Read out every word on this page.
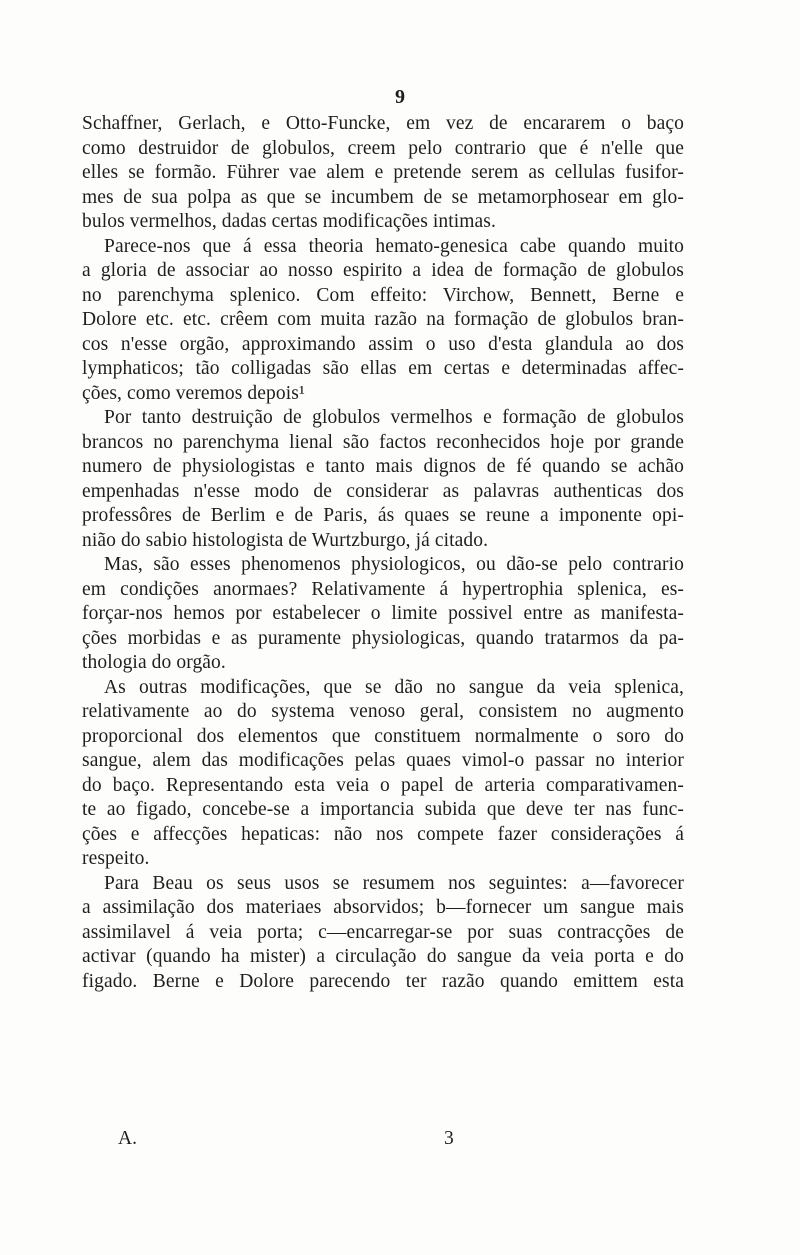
9
Schaffner, Gerlach, e Otto-Funcke, em vez de encararem o baço
como destruidor de globulos, creem pelo contrario que é n'elle que
elles se formão. Führer vae alem e pretende serem as cellulas fusifor-
mes de sua polpa as que se incumbem de se metamorphosear em glo-
bulos vermelhos, dadas certas modificações intimas.
Parece-nos que á essa theoria hemato-genesica cabe quando muito
a gloria de associar ao nosso espirito a idea de formação de globulos
no parenchyma splenico. Com effeito: Virchow, Bennett, Berne e
Dolore etc. etc. crêem com muita razão na formação de globulos bran-
cos n'esse orgão, approximando assim o uso d'esta glandula ao dos
lymphaticos; tão colligadas são ellas em certas e determinadas affec-
ções, como veremos depois¹
Por tanto destruição de globulos vermelhos e formação de globulos
brancos no parenchyma lienal são factos reconhecidos hoje por grande
numero de physiologistas e tanto mais dignos de fé quando se achão
empenhadas n'esse modo de considerar as palavras authenticas dos
professôres de Berlim e de Paris, ás quaes se reune a imponente opi-
nião do sabio histologista de Wurtzburgo, já citado.
Mas, são esses phenomenos physiologicos, ou dão-se pelo contrario
em condições anormaes? Relativamente á hypertrophia splenica, es-
forçar-nos hemos por estabelecer o limite possivel entre as manifesta-
ções morbidas e as puramente physiologicas, quando tratarmos da pa-
thologia do orgão.
As outras modificações, que se dão no sangue da veia splenica,
relativamente ao do systema venoso geral, consistem no augmento
proporcional dos elementos que constituem normalmente o soro do
sangue, alem das modificações pelas quaes vimol-o passar no interior
do baço. Representando esta veia o papel de arteria comparativamen-
te ao figado, concebe-se a importancia subida que deve ter nas func-
ções e affecções hepaticas: não nos compete fazer considerações á
respeito.
Para Beau os seus usos se resumem nos seguintes: a—favorecer
a assimilação dos materiaes absorvidos; b—fornecer um sangue mais
assimilavel á veia porta; c—encarregar-se por suas contracções de
activar (quando ha mister) a circulação do sangue da veia porta e do
figado. Berne e Dolore parecendo ter razão quando emittem esta
A.	3
